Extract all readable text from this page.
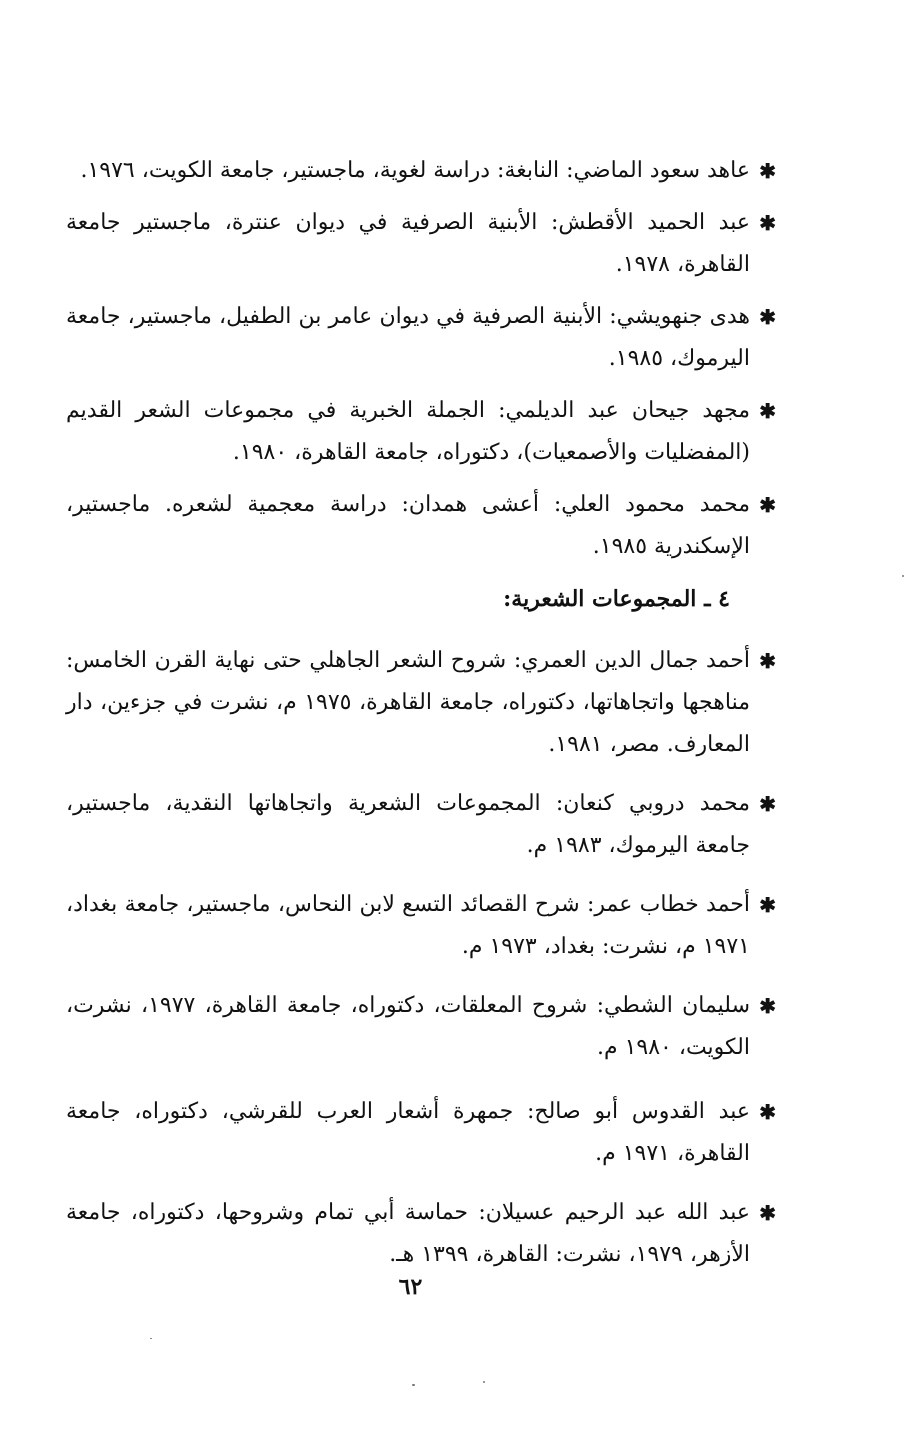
✱
عاهد سعود الماضي: النابغة: دراسة لغوية، ماجستير، جامعة الكويت، ١٩٧٦.
✱
عبد الحميد الأقطش: الأبنية الصرفية في ديوان عنترة، ماجستير جامعة القاهرة، ١٩٧٨.
✱
هدى جنهويشي: الأبنية الصرفية في ديوان عامر بن الطفيل، ماجستير، جامعة اليرموك، ١٩٨٥.
✱
مجهد جيحان عبد الديلمي: الجملة الخبرية في مجموعات الشعر القديم (المفضليات والأصمعيات)، دكتوراه، جامعة القاهرة، ١٩٨٠.
✱
محمد محمود العلي: أعشى همدان: دراسة معجمية لشعره. ماجستير، الإسكندرية ١٩٨٥.
٤ ـ المجموعات الشعرية:
✱
أحمد جمال الدين العمري: شروح الشعر الجاهلي حتى نهاية القرن الخامس: مناهجها واتجاهاتها، دكتوراه، جامعة القاهرة، ١٩٧٥ م، نشرت في جزءين، دار المعارف. مصر، ١٩٨١.
✱
محمد دروبي كنعان: المجموعات الشعرية واتجاهاتها النقدية، ماجستير، جامعة اليرموك، ١٩٨٣ م.
✱
أحمد خطاب عمر: شرح القصائد التسع لابن النحاس، ماجستير، جامعة بغداد، ١٩٧١ م، نشرت: بغداد، ١٩٧٣ م.
✱
سليمان الشطي: شروح المعلقات، دكتوراه، جامعة القاهرة، ١٩٧٧، نشرت، الكويت، ١٩٨٠ م.
✱
عبد القدوس أبو صالح: جمهرة أشعار العرب للقرشي، دكتوراه، جامعة القاهرة، ١٩٧١ م.
✱
عبد الله عبد الرحيم عسيلان: حماسة أبي تمام وشروحها، دكتوراه، جامعة الأزهر، ١٩٧٩، نشرت: القاهرة، ١٣٩٩ هـ.
٦٢
